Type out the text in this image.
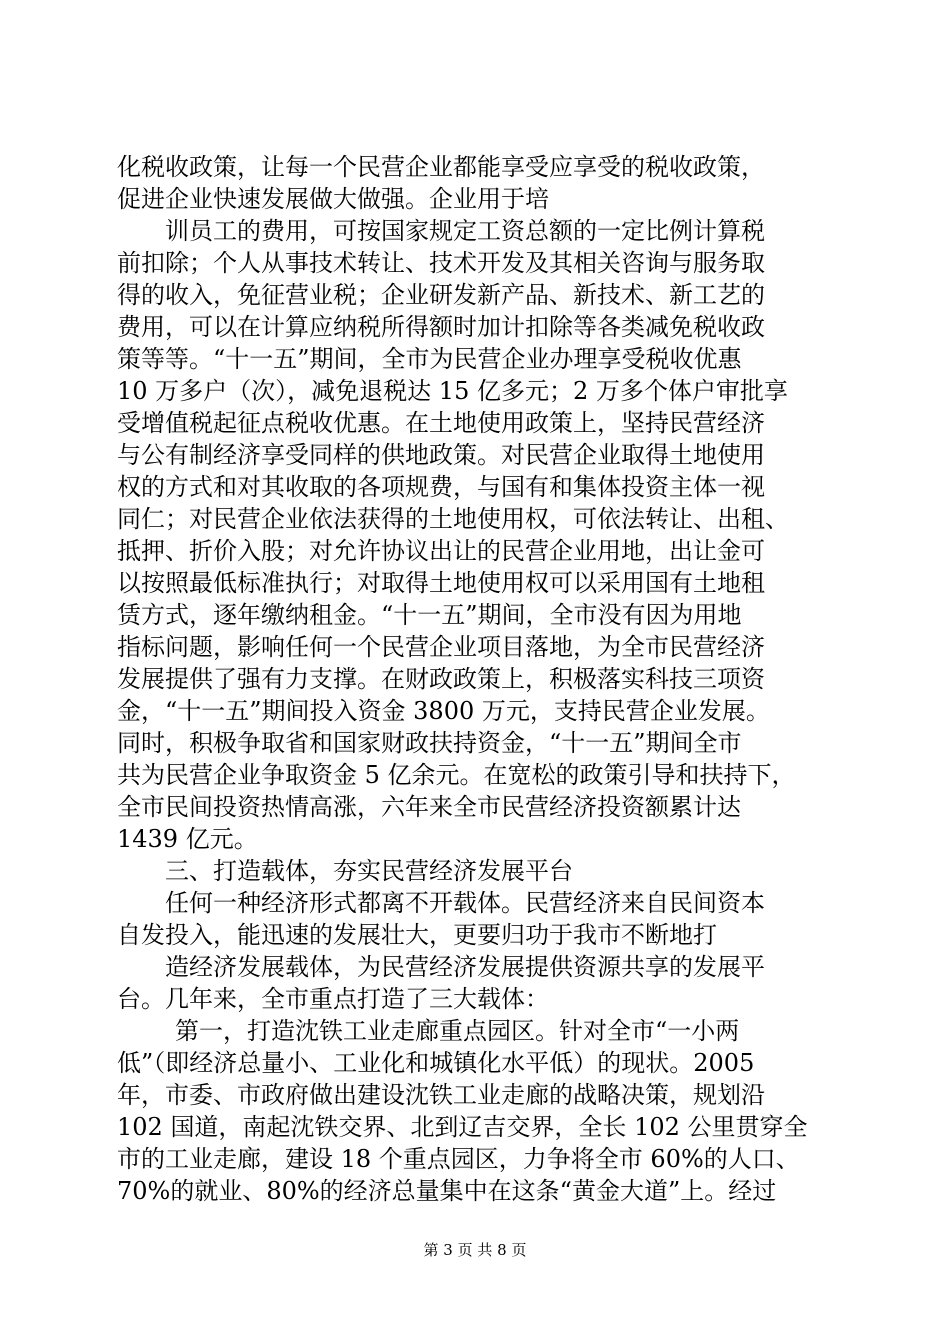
化税收政策，让每一个民营企业都能享受应享受的税收政策，
促进企业快速发展做大做强。企业用于培
训员工的费用，可按国家规定工资总额的一定比例计算税
前扣除；个人从事技术转让、技术开发及其相关咨询与服务取
得的收入，免征营业税；企业研发新产品、新技术、新工艺的
费用，可以在计算应纳税所得额时加计扣除等各类减免税收政
策等等。“十一五”期间，全市为民营企业办理享受税收优惠
10 万多户（次），减免退税达 15 亿多元；2 万多个体户审批享
受增值税起征点税收优惠。在土地使用政策上，坚持民营经济
与公有制经济享受同样的供地政策。对民营企业取得土地使用
权的方式和对其收取的各项规费，与国有和集体投资主体一视
同仁；对民营企业依法获得的土地使用权，可依法转让、出租、
抵押、折价入股；对允许协议出让的民营企业用地，出让金可
以按照最低标准执行；对取得土地使用权可以采用国有土地租
赁方式，逐年缴纳租金。“十一五”期间，全市没有因为用地
指标问题，影响任何一个民营企业项目落地，为全市民营经济
发展提供了强有力支撑。在财政政策上，积极落实科技三项资
金，“十一五”期间投入资金 3800 万元，支持民营企业发展。
同时，积极争取省和国家财政扶持资金，“十一五”期间全市
共为民营企业争取资金 5 亿余元。在宽松的政策引导和扶持下，
全市民间投资热情高涨，六年来全市民营经济投资额累计达
1439 亿元。
三、打造载体，夯实民营经济发展平台
任何一种经济形式都离不开载体。民营经济来自民间资本
自发投入，能迅速的发展壮大，更要归功于我市不断地打
造经济发展载体，为民营经济发展提供资源共享的发展平
台。几年来，全市重点打造了三大载体：
第一，打造沈铁工业走廊重点园区。针对全市“一小两
低”（即经济总量小、工业化和城镇化水平低）的现状。2005
年，市委、市政府做出建设沈铁工业走廊的战略决策，规划沿
102 国道，南起沈铁交界、北到辽吉交界，全长 102 公里贯穿全
市的工业走廊，建设 18 个重点园区，力争将全市 60%的人口、
70%的就业、80%的经济总量集中在这条“黄金大道”上。经过
第 3 页 共 8 页
